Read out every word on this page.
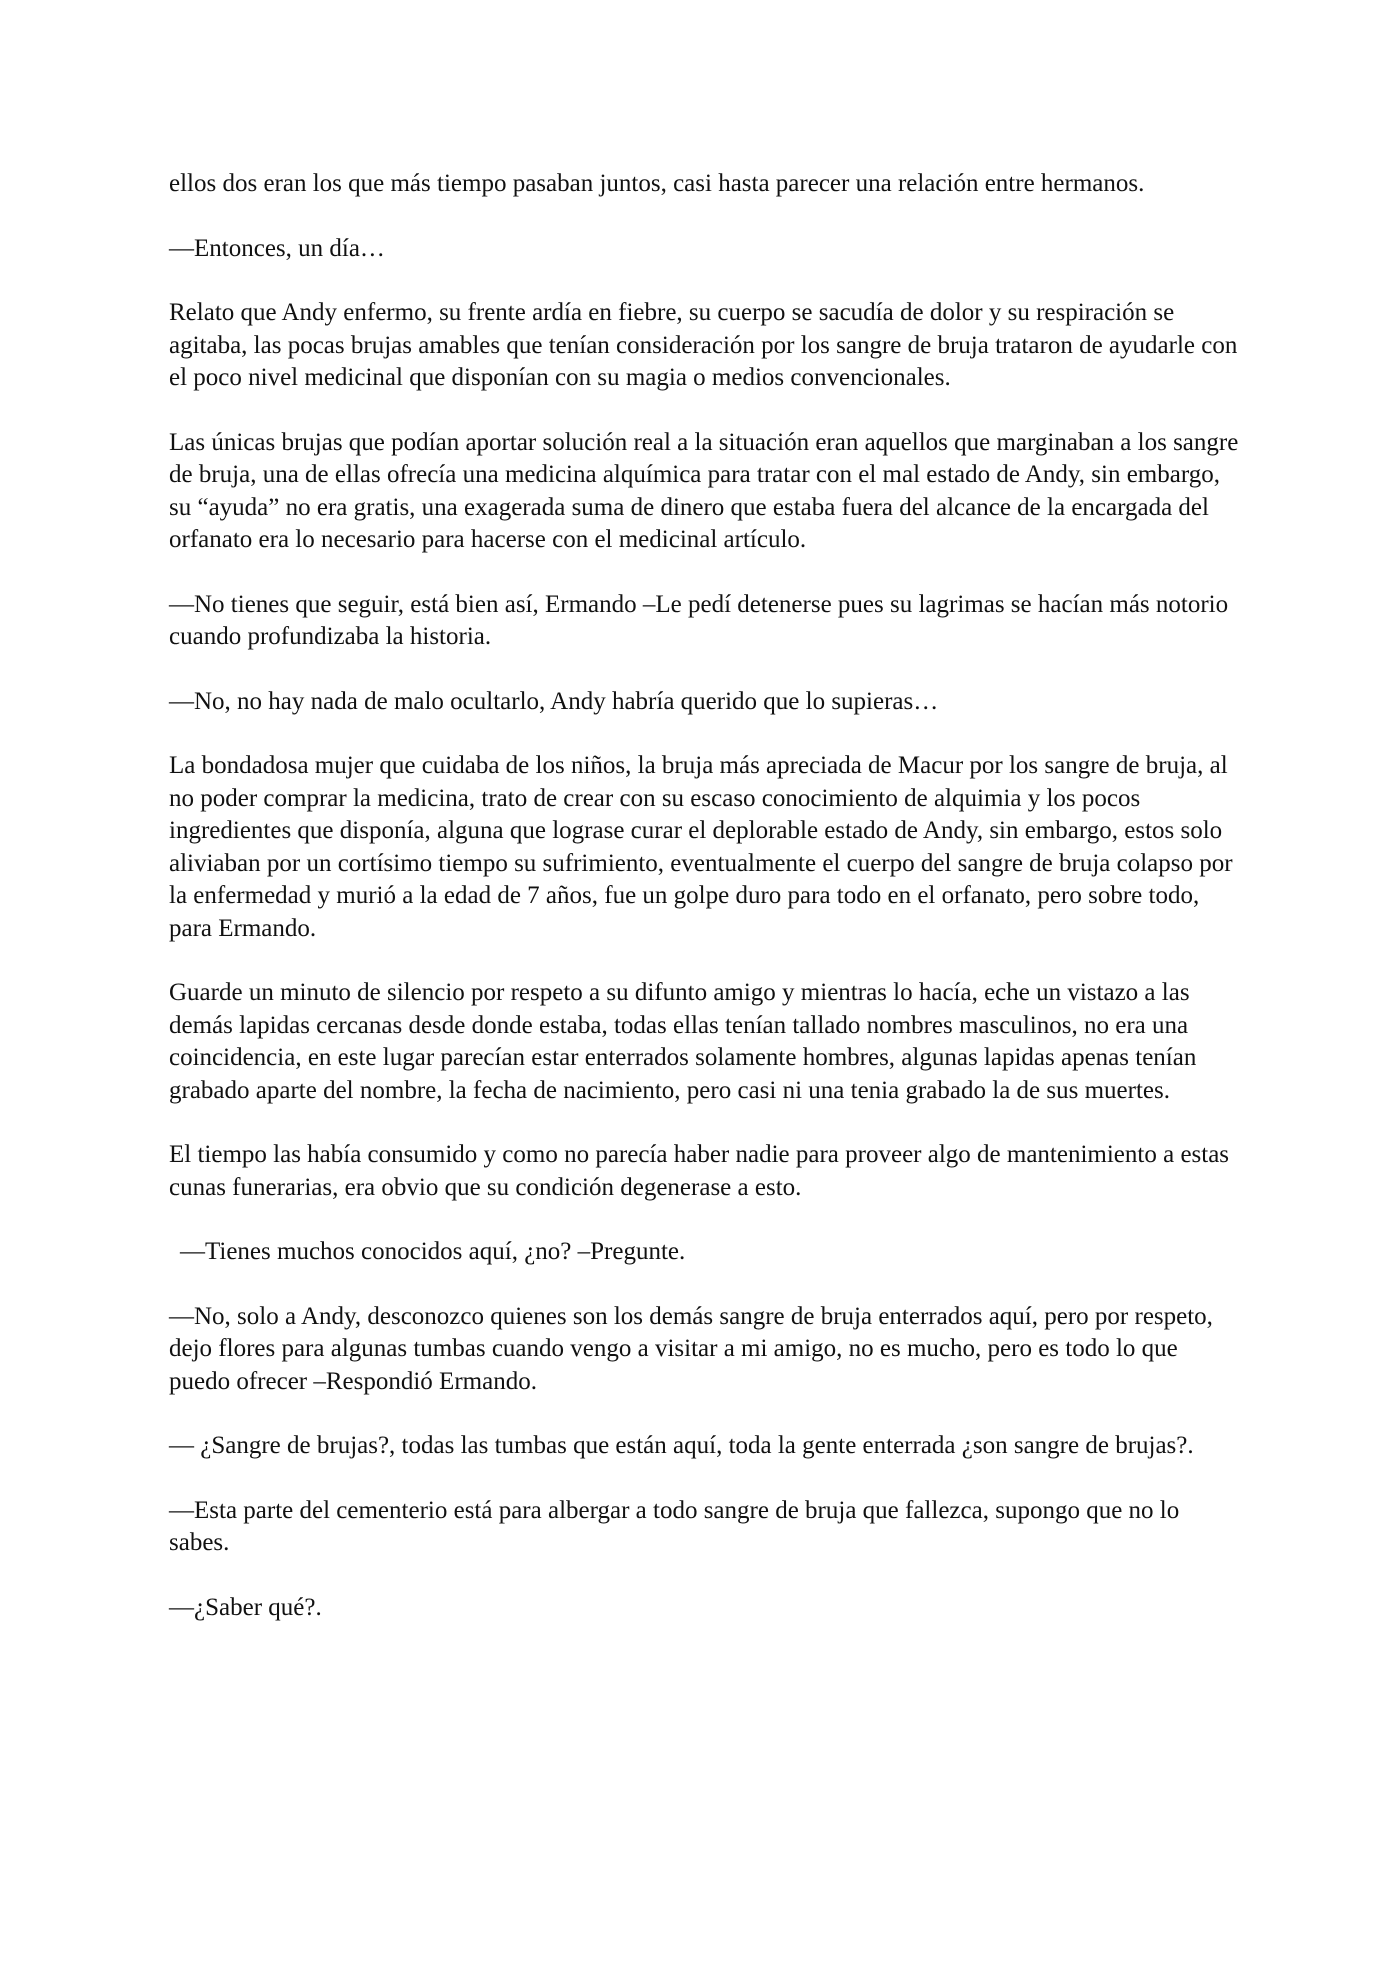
ellos dos eran los que más tiempo pasaban juntos, casi hasta parecer una relación entre hermanos.

—Entonces, un día…

Relato que Andy enfermo, su frente ardía en fiebre, su cuerpo se sacudía de dolor y su respiración se agitaba, las pocas brujas amables que tenían consideración por los sangre de bruja trataron de ayudarle con el poco nivel medicinal que disponían con su magia o medios convencionales.

Las únicas brujas que podían aportar solución real a la situación eran aquellos que marginaban a los sangre de bruja, una de ellas ofrecía una medicina alquímica para tratar con el mal estado de Andy, sin embargo, su “ayuda” no era gratis, una exagerada suma de dinero que estaba fuera del alcance de la encargada del orfanato era lo necesario para hacerse con el medicinal artículo.

—No tienes que seguir, está bien así, Ermando –Le pedí detenerse pues su lagrimas se hacían más notorio cuando profundizaba la historia.

—No, no hay nada de malo ocultarlo, Andy habría querido que lo supieras…

La bondadosa mujer que cuidaba de los niños, la bruja más apreciada de Macur por los sangre de bruja, al no poder comprar la medicina, trato de crear con su escaso conocimiento de alquimia y los pocos ingredientes que disponía, alguna que lograse curar el deplorable estado de Andy, sin embargo, estos solo aliviaban por un cortísimo tiempo su sufrimiento, eventualmente el cuerpo del sangre de bruja colapso por la enfermedad y murió a la edad de 7 años, fue un golpe duro para todo en el orfanato, pero sobre todo, para Ermando.

Guarde un minuto de silencio por respeto a su difunto amigo y mientras lo hacía, eche un vistazo a las demás lapidas cercanas desde donde estaba, todas ellas tenían tallado nombres masculinos, no era una coincidencia, en este lugar parecían estar enterrados solamente hombres, algunas lapidas apenas tenían grabado aparte del nombre, la fecha de nacimiento, pero casi ni una tenia grabado la de sus muertes.

El tiempo las había consumido y como no parecía haber nadie para proveer algo de mantenimiento a estas cunas funerarias, era obvio que su condición degenerase a esto.

—Tienes muchos conocidos aquí, ¿no? –Pregunte.

—No, solo a Andy, desconozco quienes son los demás sangre de bruja enterrados aquí, pero por respeto, dejo flores para algunas tumbas cuando vengo a visitar a mi amigo, no es mucho, pero es todo lo que puedo ofrecer –Respondió Ermando.

— ¿Sangre de brujas?, todas las tumbas que están aquí, toda la gente enterrada ¿son sangre de brujas?.

—Esta parte del cementerio está para albergar a todo sangre de bruja que fallezca, supongo que no lo sabes.

—¿Saber qué?.
